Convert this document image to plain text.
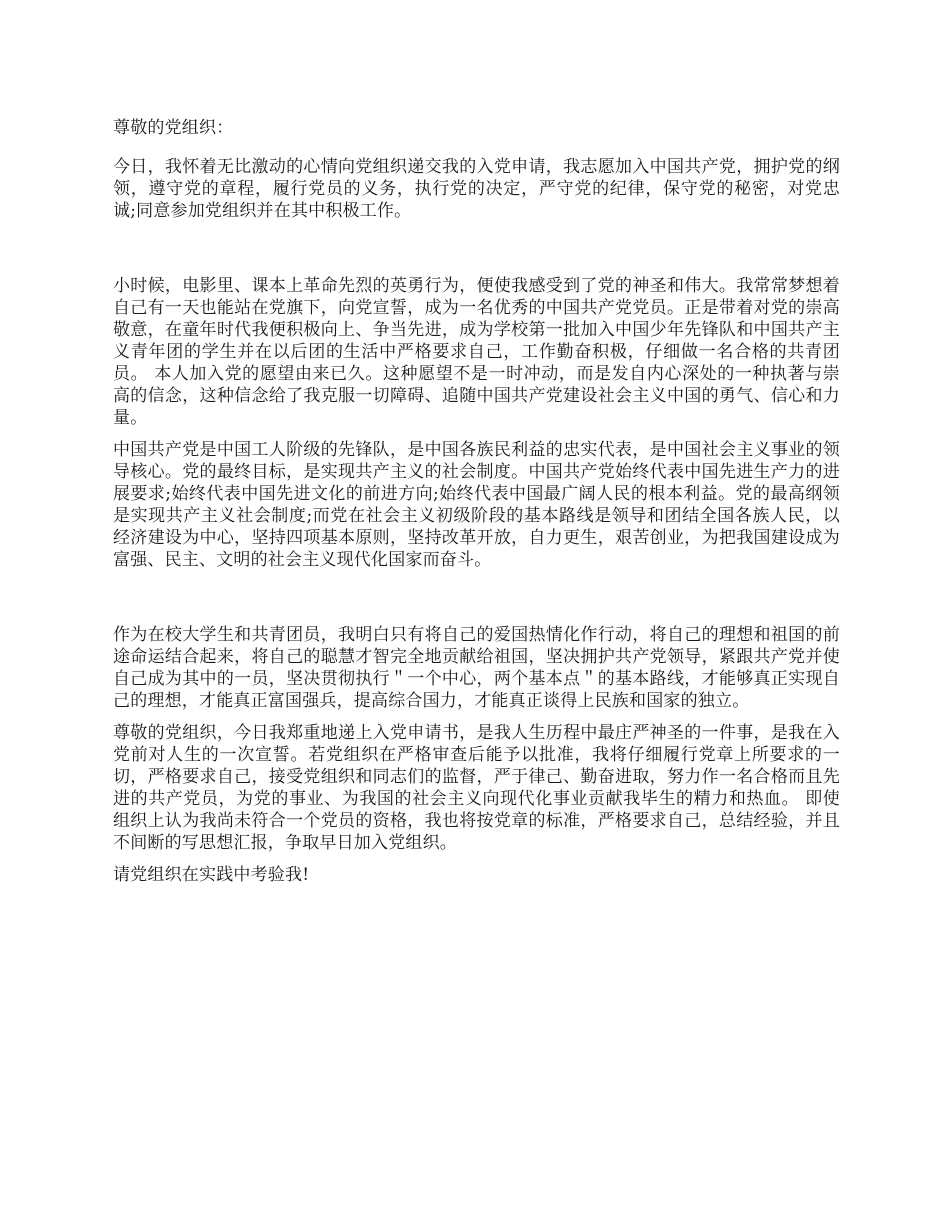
尊敬的党组织：

今日，我怀着无比激动的心情向党组织递交我的入党申请，我志愿加入中国共产党，拥护党的纲领，遵守党的章程，履行党员的义务，执行党的决定，严守党的纪律，保守党的秘密，对党忠诚;同意参加党组织并在其中积极工作。

小时候，电影里、课本上革命先烈的英勇行为，便使我感受到了党的神圣和伟大。我常常梦想着自己有一天也能站在党旗下，向党宣誓，成为一名优秀的中国共产党党员。正是带着对党的崇高敬意，在童年时代我便积极向上、争当先进，成为学校第一批加入中国少年先锋队和中国共产主义青年团的学生并在以后团的生活中严格要求自己，工作勤奋积极，仔细做一名合格的共青团员。 本人加入党的愿望由来已久。这种愿望不是一时冲动，而是发自内心深处的一种执著与崇高的信念，这种信念给了我克服一切障碍、追随中国共产党建设社会主义中国的勇气、信心和力量。

中国共产党是中国工人阶级的先锋队，是中国各族民利益的忠实代表，是中国社会主义事业的领导核心。党的最终目标，是实现共产主义的社会制度。中国共产党始终代表中国先进生产力的进展要求;始终代表中国先进文化的前进方向;始终代表中国最广阔人民的根本利益。党的最高纲领是实现共产主义社会制度;而党在社会主义初级阶段的基本路线是领导和团结全国各族人民，以经济建设为中心，坚持四项基本原则，坚持改革开放，自力更生，艰苦创业，为把我国建设成为富强、民主、文明的社会主义现代化国家而奋斗。

作为在校大学生和共青团员，我明白只有将自己的爱国热情化作行动，将自己的理想和祖国的前途命运结合起来，将自己的聪慧才智完全地贡献给祖国，坚决拥护共产党领导，紧跟共产党并使自己成为其中的一员，坚决贯彻执行＂一个中心，两个基本点＂的基本路线，才能够真正实现自己的理想，才能真正富国强兵，提高综合国力，才能真正谈得上民族和国家的独立。

尊敬的党组织，今日我郑重地递上入党申请书，是我人生历程中最庄严神圣的一件事，是我在入党前对人生的一次宣誓。若党组织在严格审查后能予以批准，我将仔细履行党章上所要求的一切，严格要求自己，接受党组织和同志们的监督，严于律己、勤奋进取，努力作一名合格而且先进的共产党员，为党的事业、为我国的社会主义向现代化事业贡献我毕生的精力和热血。 即使组织上认为我尚未符合一个党员的资格，我也将按党章的标准，严格要求自己，总结经验，并且不间断的写思想汇报，争取早日加入党组织。

请党组织在实践中考验我!
